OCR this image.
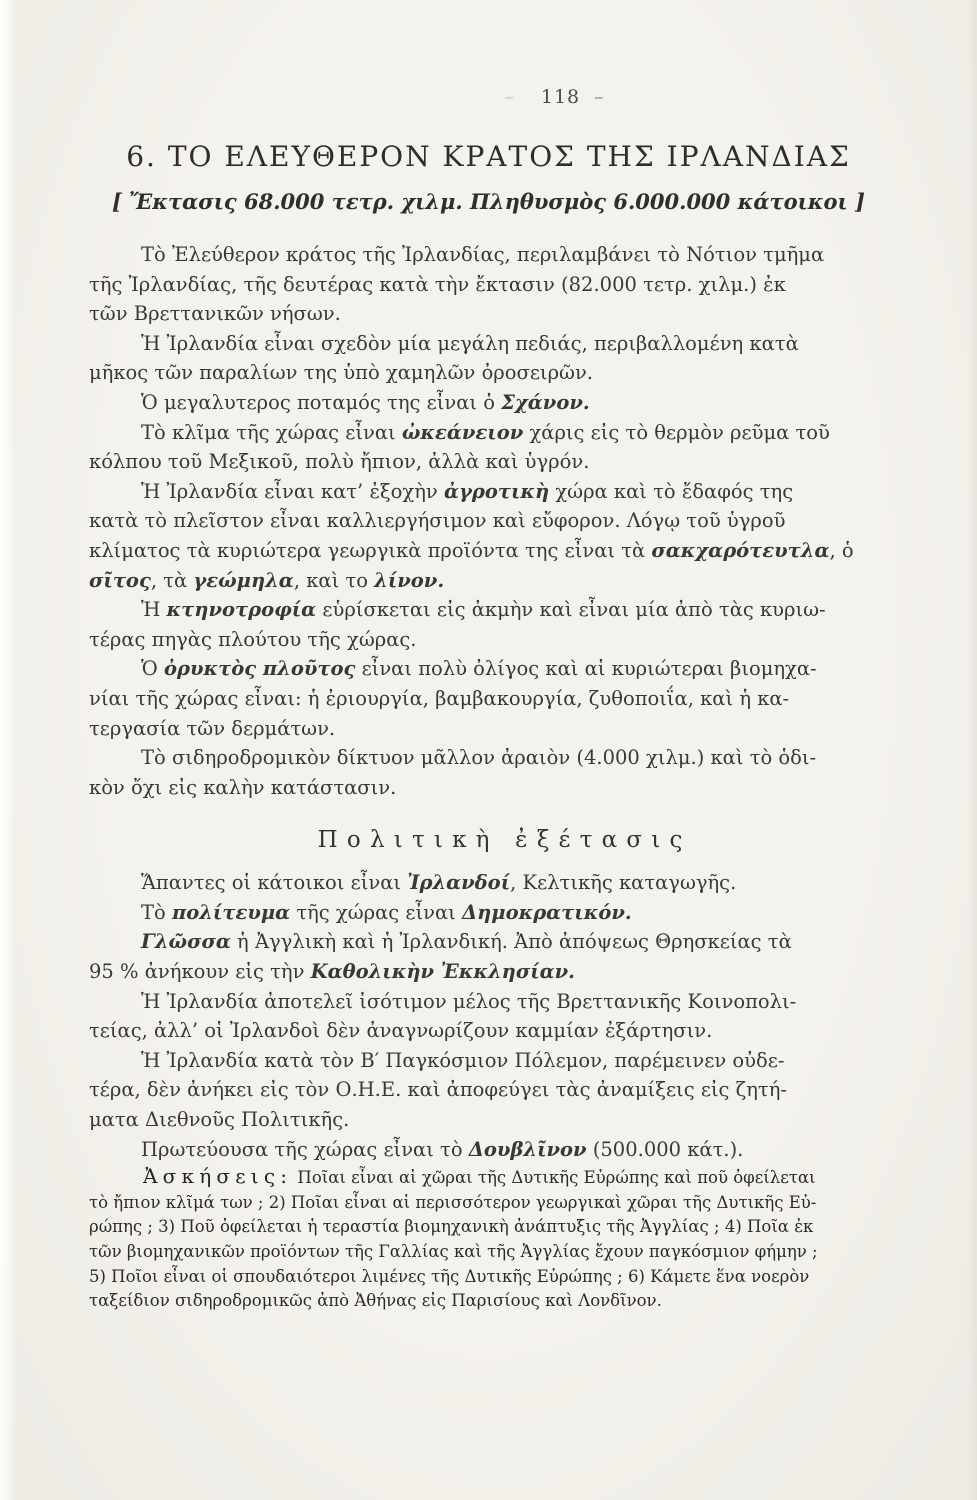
– 118 –
6. ΤΟ ΕΛΕΥΘΕΡΟΝ ΚΡΑΤΟΣ ΤΗΣ ΙΡΛΑΝΔΙΑΣ
[ Ἔκτασις 68.000 τετρ. χιλμ. Πληθυσμὸς 6.000.000 κάτοικοι ]

Τὸ Ἐλεύθερον κράτος τῆς Ἰρλανδίας, περιλαμβάνει τὸ Νότιον τμῆμα
τῆς Ἰρλανδίας, τῆς δευτέρας κατὰ τὴν ἔκτασιν (82.000 τετρ. χιλμ.) ἐκ
τῶν Βρεττανικῶν νήσων.

Ἡ Ἰρλανδία εἶναι σχεδὸν μία μεγάλη πεδιάς, περιβαλλομένη κατὰ
μῆκος τῶν παραλίων της ὑπὸ χαμηλῶν ὀροσειρῶν.

Ὁ μεγαλυτερος ποταμός της εἶναι ὁ Σχάνον.

Τὸ κλῖμα τῆς χώρας εἶναι ὠκεάνειον χάρις εἰς τὸ θερμὸν ρεῦμα τοῦ
κόλπου τοῦ Μεξικοῦ, πολὺ ἤπιον, ἀλλὰ καὶ ὑγρόν.

Ἡ Ἰρλανδία εἶναι κατ’ ἐξοχὴν ἀγροτικὴ χώρα καὶ τὸ ἔδαφός της
κατὰ τὸ πλεῖστον εἶναι καλλιεργήσιμον καὶ εὔφορον. Λόγῳ τοῦ ὑγροῦ
κλίματος τὰ κυριώτερα γεωργικὰ προϊόντα της εἶναι τὰ σακχαρότευτλα, ὁ
σῖτος, τὰ γεώμηλα, καὶ το λίνον.

Ἡ κτηνοτροφία εὑρίσκεται εἰς ἀκμὴν καὶ εἶναι μία ἀπὸ τὰς κυριω-
τέρας πηγὰς πλούτου τῆς χώρας.

Ὁ ὀρυκτὸς πλοῦτος εἶναι πολὺ ὀλίγος καὶ αἱ κυριώτεραι βιομηχα-
νίαι τῆς χώρας εἶναι: ἡ ἐριουργία, βαμβακουργία, ζυθοποιΐα, καὶ ἡ κα-
τεργασία τῶν δερμάτων.

Τὸ σιδηροδρομικὸν δίκτυον μᾶλλον ἀραιὸν (4.000 χιλμ.) καὶ τὸ ὁδι-
κὸν ὄχι εἰς καλὴν κατάστασιν.

Πολιτικὴ ἐξέτασις

Ἅπαντες οἱ κάτοικοι εἶναι Ἰρλανδοί, Κελτικῆς καταγωγῆς.

Τὸ πολίτευμα τῆς χώρας εἶναι Δημοκρατικόν.

Γλῶσσα ἡ Ἀγγλικὴ καὶ ἡ Ἰρλανδική. Ἀπὸ ἀπόψεως Θρησκείας τὰ
95 % ἀνήκουν εἰς τὴν Καθολικὴν Ἐκκλησίαν.

Ἡ Ἰρλανδία ἀποτελεῖ ἰσότιμον μέλος τῆς Βρεττανικῆς Κοινοπολι-
τείας, ἀλλ’ οἱ Ἰρλανδοὶ δὲν ἀναγνωρίζουν καμμίαν ἐξάρτησιν.

Ἡ Ἰρλανδία κατὰ τὸν Β′ Παγκόσμιον Πόλεμον, παρέμεινεν οὐδε-
τέρα, δὲν ἀνήκει εἰς τὸν Ο.Η.Ε. καὶ ἀποφεύγει τὰς ἀναμίξεις εἰς ζητή-
ματα Διεθνοῦς Πολιτικῆς.

Πρωτεύουσα τῆς χώρας εἶναι τὸ Δουβλῖνον (500.000 κάτ.).

Ἀσκήσεις: Ποῖαι εἶναι αἱ χῶραι τῆς Δυτικῆς Εὐρώπης καὶ ποῦ ὀφείλεται
τὸ ἤπιον κλῖμά των ; 2) Ποῖαι εἶναι αἱ περισσότερον γεωργικαὶ χῶραι τῆς Δυτικῆς Εὐ-
ρώπης ; 3) Ποῦ ὀφείλεται ἡ τεραστία βιομηχανικὴ ἀνάπτυξις τῆς Ἀγγλίας ; 4) Ποῖα ἐκ
τῶν βιομηχανικῶν προϊόντων τῆς Γαλλίας καὶ τῆς Ἀγγλίας ἔχουν παγκόσμιον φήμην ;
5) Ποῖοι εἶναι οἱ σπουδαιότεροι λιμένες τῆς Δυτικῆς Εὐρώπης ; 6) Κάμετε ἕνα νοερὸν
ταξείδιον σιδηροδρομικῶς ἀπὸ Ἀθήνας εἰς Παρισίους καὶ Λονδῖνον.
